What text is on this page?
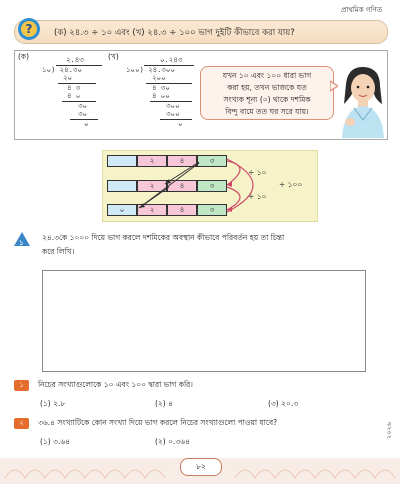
প্রাথমিক গণিত
?	(ক) ২৪.৩ ÷ ১০ এবং (খ) ২৪.৩ ÷ ১০০ ভাগ দুইটি কীভাবে করা যায়?
(ক)	২.৪৩
১০) ২৪.৩০
২০
৪ ৩
৪ ০
৩০
৩০
০
(খ)	০.২৪৩
১০০) ২৪.৩০০
২০০
৪ ৩০
৪ ০০
৩০০
৩০০
০
যখন ১০ এবং ১০০ ধারা ভাগ
করা হয়, তখন ভাজকে যত
সংখ্যক শূন্য (০) থাকে দশমিক
বিন্দু বামে তত ঘর সরে যায়।
২	৪	৩
২	৪	৩
০	২	৪	৩
÷ ১০
÷ ১০
÷ ১০০
১
২৪.৩কে ১০০০ দিয়ে ভাগ করলে দশমিকের অবস্থান কীভাবে পরিবর্তন হয় তা চিন্তা
করে লিখি।
১	নিচের সংখ্যাগুলোকে ১০ এবং ১০০ দ্বারা ভাগ করি।
(১) ২.৮	(২) ৪	(৩) ২০.৩
২	৩৬.৪ সংখ্যাটিকে কোন সংখ্যা দিয়ে ভাগ করলে নিচের সংখ্যাগুলো পাওয়া যাবে?
(১) ৩.৬৪	(২) ০.৩৬৪
২০২৬
৮২
